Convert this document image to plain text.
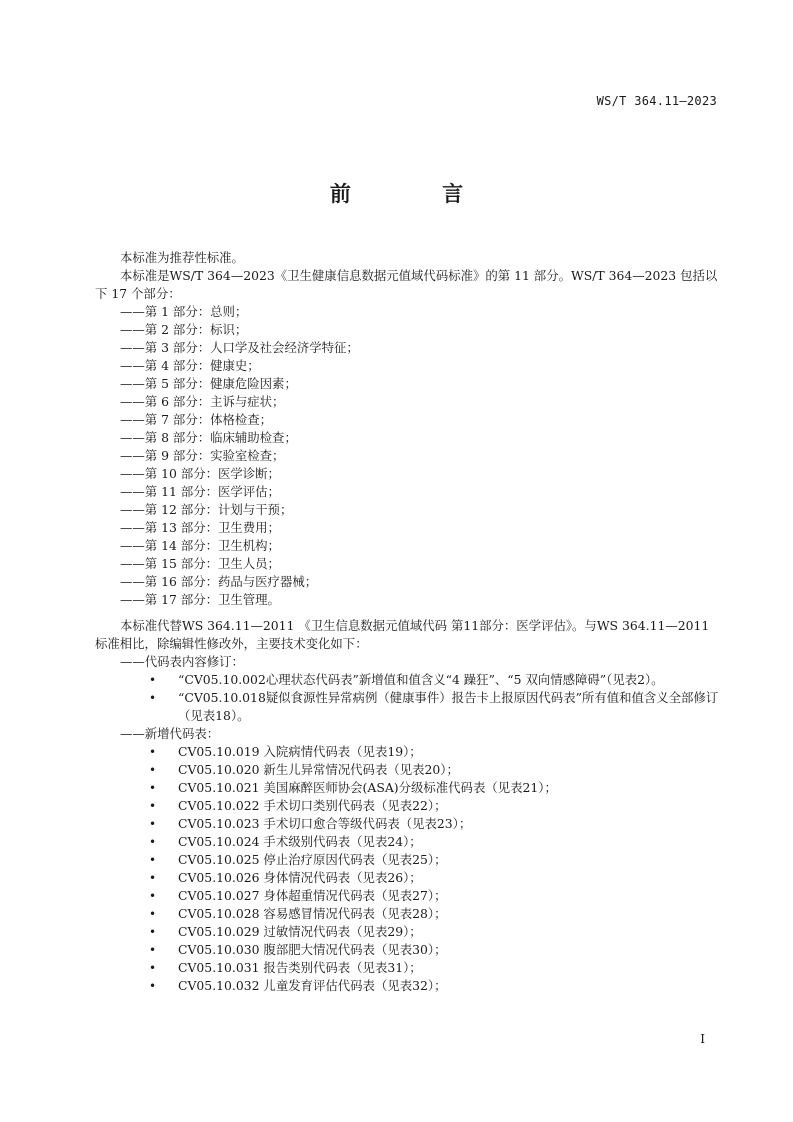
WS/T 364.11—2023
前 言

本标准为推荐性标准。

本标准是WS/T 364—2023《卫生健康信息数据元值域代码标准》的第 11 部分。WS/T 364—2023 包括以下 17 个部分：

——第 1 部分：总则；
——第 2 部分：标识；
——第 3 部分：人口学及社会经济学特征；
——第 4 部分：健康史；
——第 5 部分：健康危险因素；
——第 6 部分：主诉与症状；
——第 7 部分：体格检查；
——第 8 部分：临床辅助检查；
——第 9 部分：实验室检查；
——第 10 部分：医学诊断；
——第 11 部分：医学评估；
——第 12 部分：计划与干预；
——第 13 部分：卫生费用；
——第 14 部分：卫生机构；
——第 15 部分：卫生人员；
——第 16 部分：药品与医疗器械；
——第 17 部分：卫生管理。

本标准代替WS 364.11—2011 《卫生信息数据元值域代码 第11部分：医学评估》。与WS 364.11—2011标准相比，除编辑性修改外，主要技术变化如下：

——代码表内容修订：

• “CV05.10.002心理状态代码表”新增值和值含义“4 躁狂”、“5 双向情感障碍”（见表2）。
• “CV05.10.018疑似食源性异常病例（健康事件）报告卡上报原因代码表”所有值和值含义全部修订（见表18）。

——新增代码表：

• CV05.10.019 入院病情代码表（见表19）；
• CV05.10.020 新生儿异常情况代码表（见表20）；
• CV05.10.021 美国麻醉医师协会(ASA)分级标准代码表（见表21）；
• CV05.10.022 手术切口类别代码表（见表22）；
• CV05.10.023 手术切口愈合等级代码表（见表23）；
• CV05.10.024 手术级别代码表（见表24）；
• CV05.10.025 停止治疗原因代码表（见表25）；
• CV05.10.026 身体情况代码表（见表26）；
• CV05.10.027 身体超重情况代码表（见表27）；
• CV05.10.028 容易感冒情况代码表（见表28）；
• CV05.10.029 过敏情况代码表（见表29）；
• CV05.10.030 腹部肥大情况代码表（见表30）；
• CV05.10.031 报告类别代码表（见表31）；
• CV05.10.032 儿童发育评估代码表（见表32）；
I
